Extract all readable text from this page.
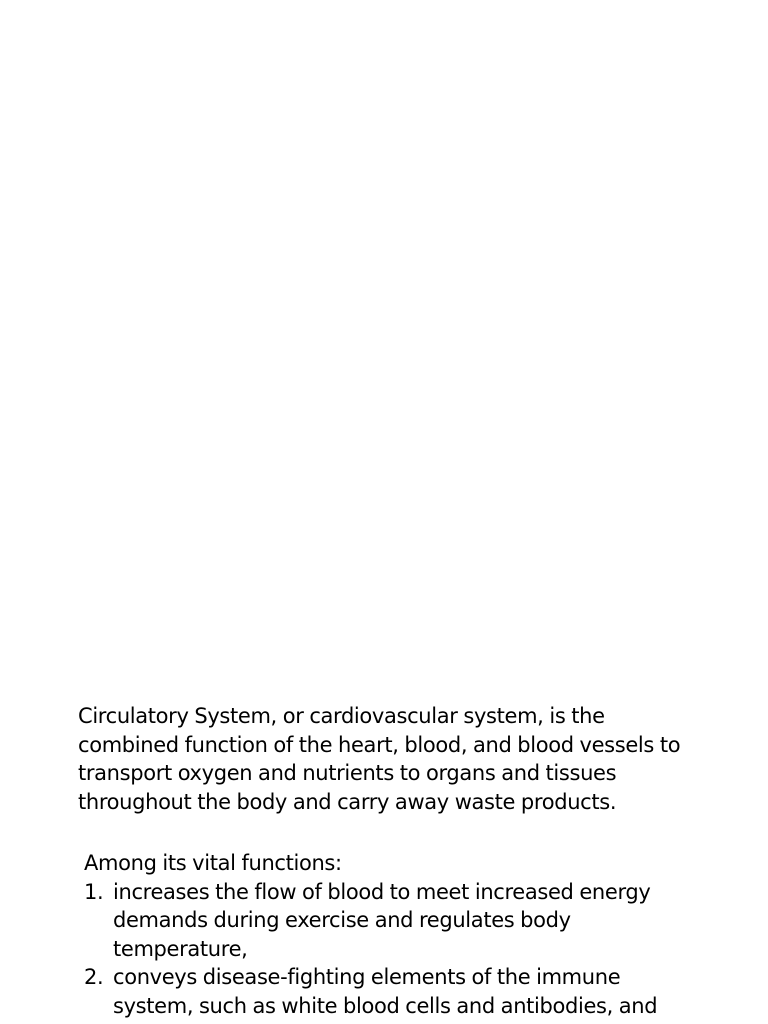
Circulatory System, or cardiovascular system, is the
combined function of the heart, blood, and blood vessels to
transport oxygen and nutrients to organs and tissues
throughout the body and carry away waste products.

Among its vital functions:

1. increases the flow of blood to meet increased energy
demands during exercise and regulates body
temperature,
2. conveys disease-fighting elements of the immune
system, such as white blood cells and antibodies, and
